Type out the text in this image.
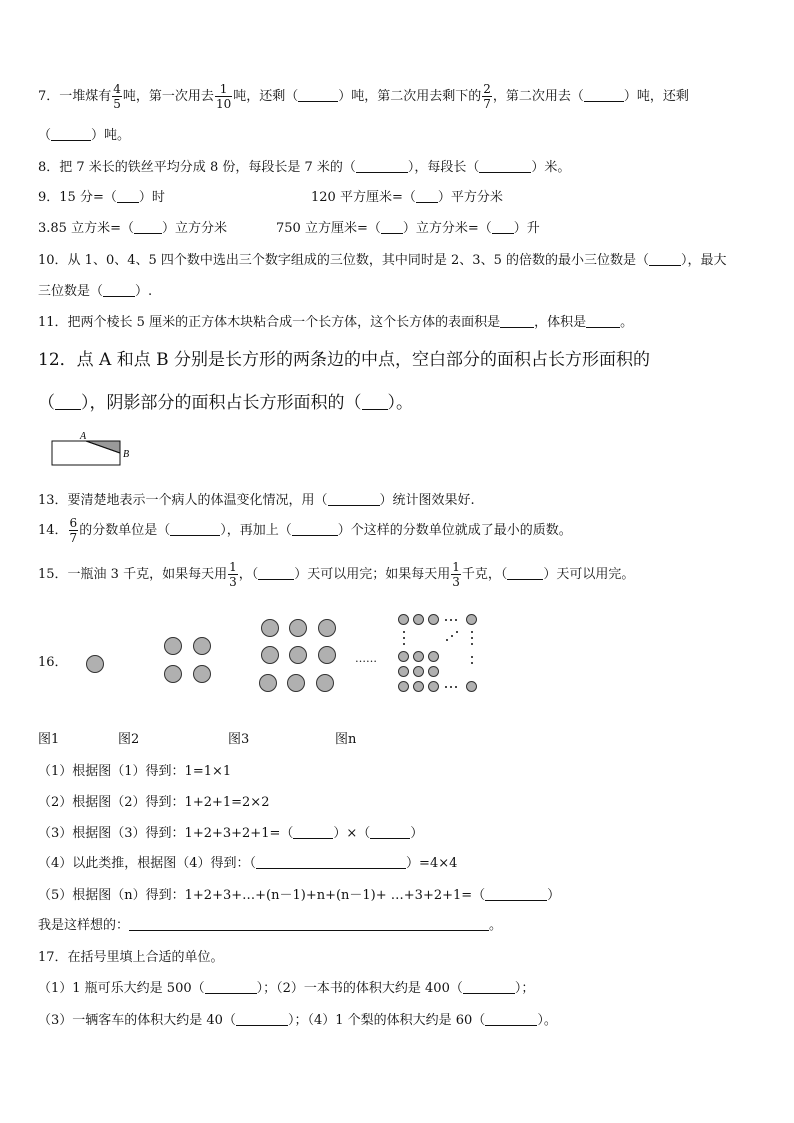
7．一堆煤有 $\frac{4}{5}$ 吨，第一次用去 $\frac{1}{10}$ 吨，还剩（	）吨，第二次用去剩下的 $\frac{2}{7}$ ，第二次用去（	）吨，还剩
（	）吨。
8．把 7 米长的铁丝平均分成 8 份，每段长是 7 米的（	），每段长（	）米。
9．15 分=（ ）时	120 平方厘米=（ ）平方分米
3.85 立方米=（ ）立方分米	750 立方厘米=（ ）立方分米=（ ）升
10．从 1、0、4、5 四个数中选出三个数字组成的三位数，其中同时是 2、3、5 的倍数的最小三位数是（ ），最大
三位数是（ ）.
11．把两个棱长 5 厘米的正方体木块粘合成一个长方体，这个长方体的表面积是	，体积是	。
12．点 A 和点 B 分别是长方形的两条边的中点，空白部分的面积占长方形面积的
（ ），阴影部分的面积占长方形面积的（ ）。
A
B
13．要清楚地表示一个病人的体温变化情况，用（	）统计图效果好.
14． $\frac{6}{7}$ 的分数单位是（	），再加上（	）个这样的分数单位就成了最小的质数。
15．一瓶油 3 千克，如果每天用 $\frac{1}{3}$ ，（	）天可以用完；如果每天用 $\frac{1}{3}$ 千克，（	）天可以用完。
16．	……
图1	图2	图3	图n
（1）根据图（1）得到：1=1×1
（2）根据图（2）得到：1+2+1=2×2
（3）根据图（3）得到：1+2+3+2+1=（	）×（	）
（4）以此类推，根据图（4）得到：（	）=4×4
（5）根据图（n）得到：1+2+3+…+(n－1)+n+(n－1)+ …+3+2+1=（	）
我是这样想的：	。
17．在括号里填上合适的单位。
（1）1 瓶可乐大约是 500（	）；（2）一本书的体积大约是 400（	）；
（3）一辆客车的体积大约是 40（	）；（4）1 个梨的体积大约是 60（	）。
